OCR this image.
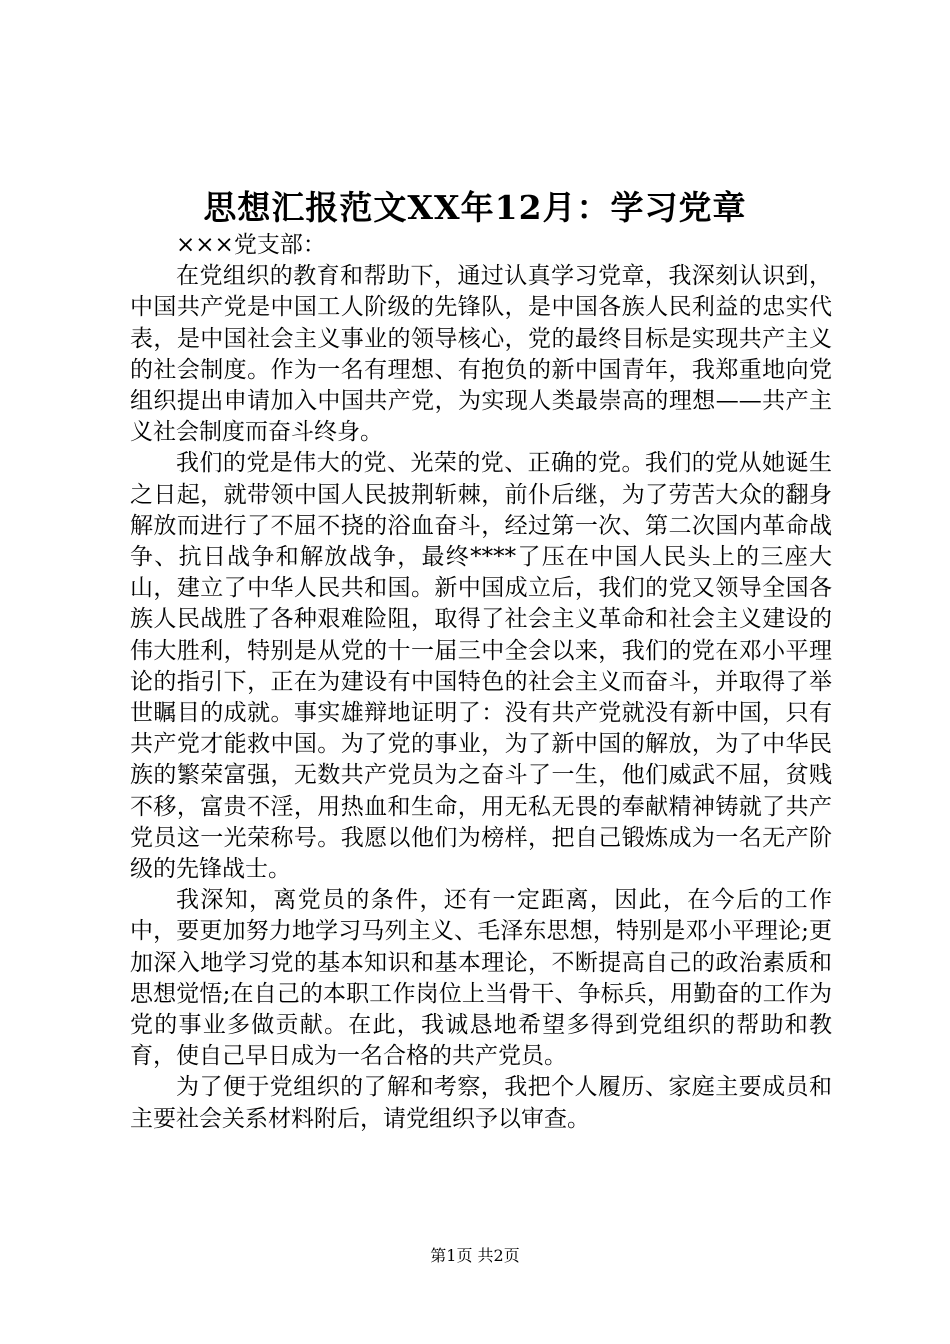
思想汇报范文XX年12月：学习党章

×××党支部：

在党组织的教育和帮助下，通过认真学习党章，我深刻认识到，中国共产党是中国工人阶级的先锋队，是中国各族人民利益的忠实代表，是中国社会主义事业的领导核心，党的最终目标是实现共产主义的社会制度。作为一名有理想、有抱负的新中国青年，我郑重地向党组织提出申请加入中国共产党，为实现人类最崇高的理想——共产主义社会制度而奋斗终身。

我们的党是伟大的党、光荣的党、正确的党。我们的党从她诞生之日起，就带领中国人民披荆斩棘，前仆后继，为了劳苦大众的翻身解放而进行了不屈不挠的浴血奋斗，经过第一次、第二次国内革命战争、抗日战争和解放战争，最终****了压在中国人民头上的三座大山，建立了中华人民共和国。新中国成立后，我们的党又领导全国各族人民战胜了各种艰难险阻，取得了社会主义革命和社会主义建设的伟大胜利，特别是从党的十一届三中全会以来，我们的党在邓小平理论的指引下，正在为建设有中国特色的社会主义而奋斗，并取得了举世瞩目的成就。事实雄辩地证明了：没有共产党就没有新中国，只有共产党才能救中国。为了党的事业，为了新中国的解放，为了中华民族的繁荣富强，无数共产党员为之奋斗了一生，他们威武不屈，贫贱不移，富贵不淫，用热血和生命，用无私无畏的奉献精神铸就了共产党员这一光荣称号。我愿以他们为榜样，把自己锻炼成为一名无产阶级的先锋战士。

我深知，离党员的条件，还有一定距离，因此，在今后的工作中，要更加努力地学习马列主义、毛泽东思想，特别是邓小平理论;更加深入地学习党的基本知识和基本理论，不断提高自己的政治素质和思想觉悟;在自己的本职工作岗位上当骨干、争标兵，用勤奋的工作为党的事业多做贡献。在此，我诚恳地希望多得到党组织的帮助和教育，使自己早日成为一名合格的共产党员。

为了便于党组织的了解和考察，我把个人履历、家庭主要成员和主要社会关系材料附后，请党组织予以审查。

第1页 共2页
